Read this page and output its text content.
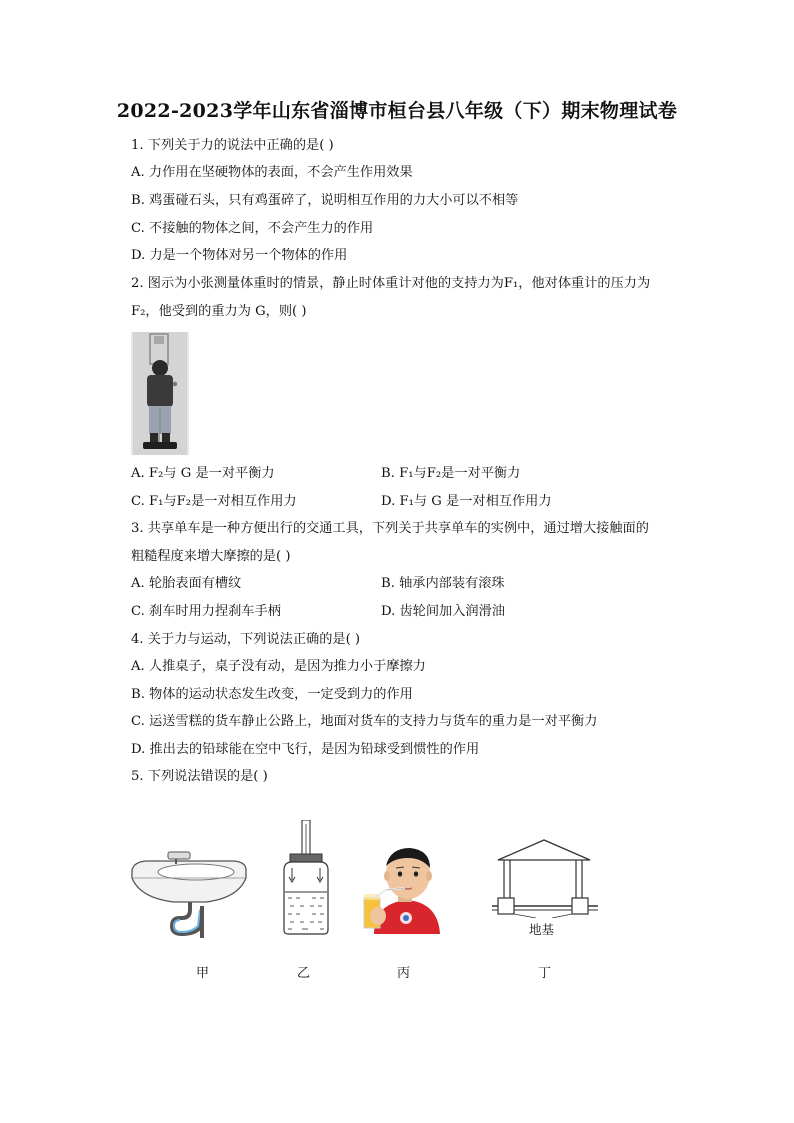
2022-2023学年山东省淄博市桓台县八年级（下）期末物理试卷
1. 下列关于力的说法中正确的是( )
A. 力作用在坚硬物体的表面，不会产生作用效果
B. 鸡蛋碰石头，只有鸡蛋碎了，说明相互作用的力大小可以不相等
C. 不接触的物体之间，不会产生力的作用
D. 力是一个物体对另一个物体的作用
2. 图示为小张测量体重时的情景，静止时体重计对他的支持力为F₁，他对体重计的压力为
F₂，他受到的重力为 G，则( )
A. F₂与 G 是一对平衡力	B. F₁与F₂是一对平衡力
C. F₁与F₂是一对相互作用力	D. F₁与 G 是一对相互作用力
3. 共享单车是一种方便出行的交通工具，下列关于共享单车的实例中，通过增大接触面的
粗糙程度来增大摩擦的是( )
A. 轮胎表面有槽纹	B. 轴承内部装有滚珠
C. 刹车时用力捏刹车手柄	D. 齿轮间加入润滑油
4. 关于力与运动，下列说法正确的是( )
A. 人推桌子，桌子没有动，是因为推力小于摩擦力
B. 物体的运动状态发生改变，一定受到力的作用
C. 运送雪糕的货车静止公路上，地面对货车的支持力与货车的重力是一对平衡力
D. 推出去的铅球能在空中飞行，是因为铅球受到惯性的作用
5. 下列说法错误的是( )
地基
甲	乙	丙	丁
